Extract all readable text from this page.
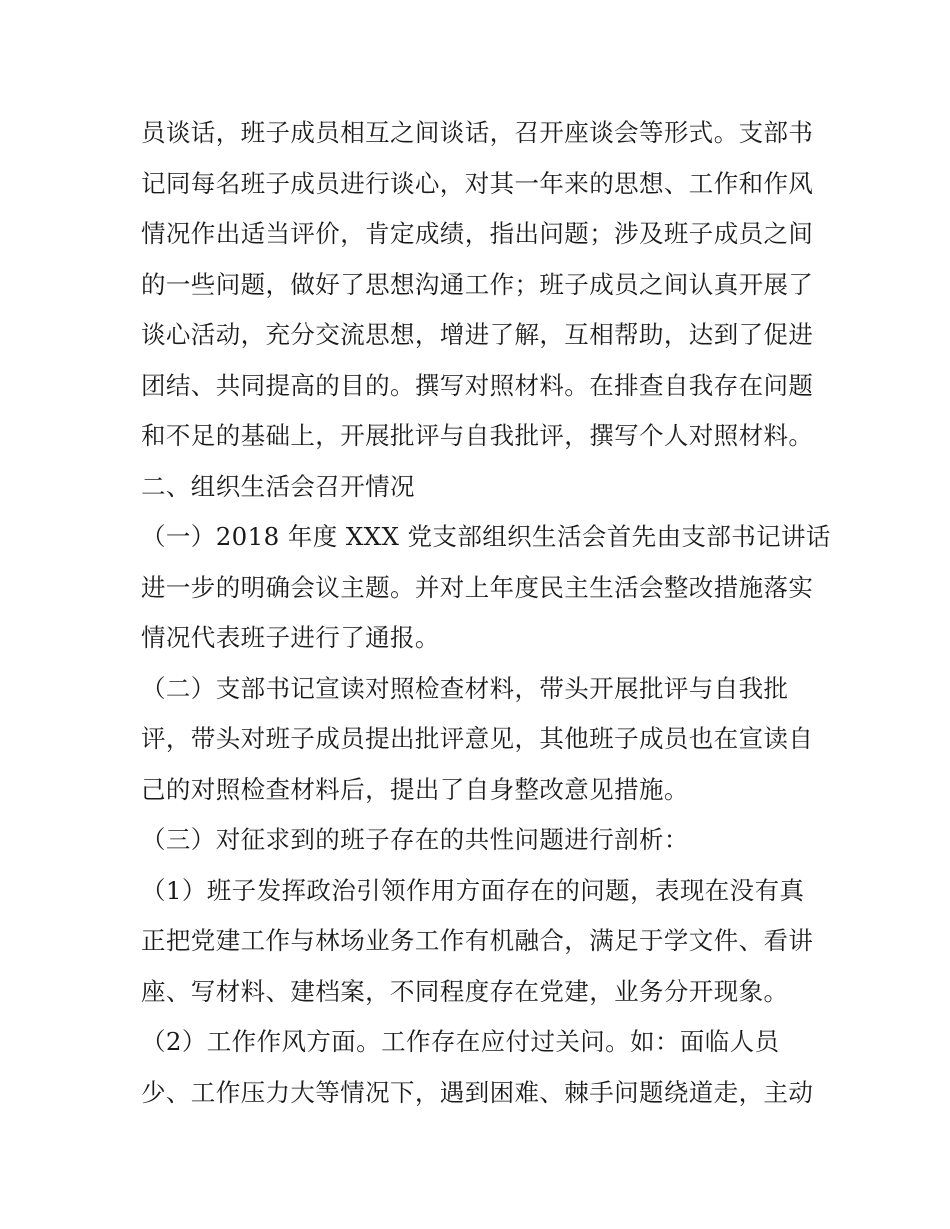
员谈话，班子成员相互之间谈话，召开座谈会等形式。支部书
记同每名班子成员进行谈心，对其一年来的思想、工作和作风
情况作出适当评价，肯定成绩，指出问题；涉及班子成员之间
的一些问题，做好了思想沟通工作；班子成员之间认真开展了
谈心活动，充分交流思想，增进了解，互相帮助，达到了促进
团结、共同提高的目的。撰写对照材料。在排查自我存在问题
和不足的基础上，开展批评与自我批评，撰写个人对照材料。
二、组织生活会召开情况
（一）2018 年度 XXX 党支部组织生活会首先由支部书记讲话
进一步的明确会议主题。并对上年度民主生活会整改措施落实
情况代表班子进行了通报。
（二）支部书记宣读对照检查材料，带头开展批评与自我批
评，带头对班子成员提出批评意见，其他班子成员也在宣读自
己的对照检查材料后，提出了自身整改意见措施。
（三）对征求到的班子存在的共性问题进行剖析：
（1）班子发挥政治引领作用方面存在的问题，表现在没有真
正把党建工作与林场业务工作有机融合，满足于学文件、看讲
座、写材料、建档案，不同程度存在党建，业务分开现象。
（2）工作作风方面。工作存在应付过关问。如：面临人员
少、工作压力大等情况下，遇到困难、棘手问题绕道走，主动
